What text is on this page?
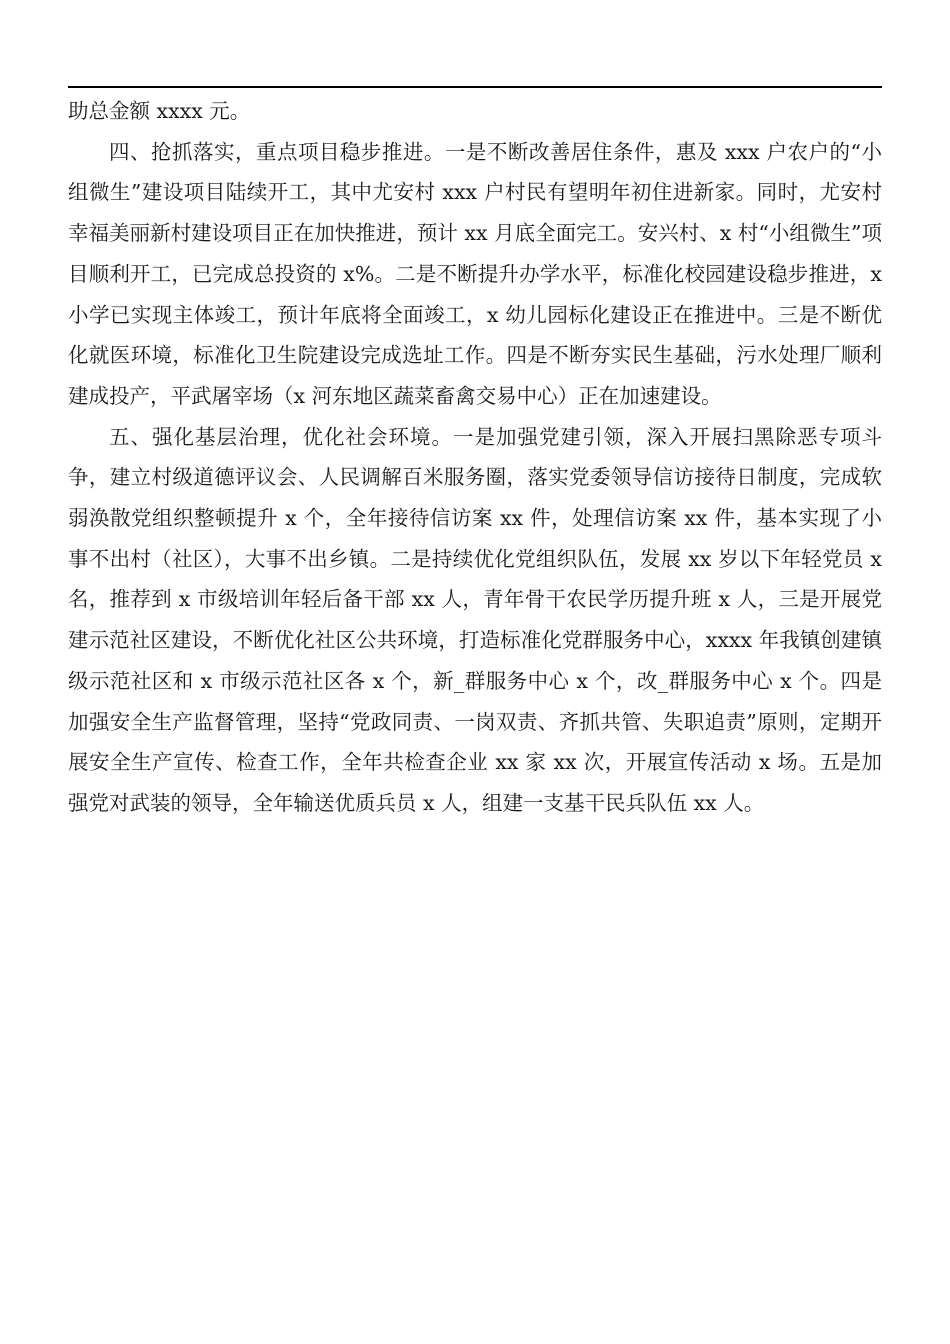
助总金额 xxxx 元。

四、抢抓落实，重点项目稳步推进。一是不断改善居住条件，惠及 xxx 户农户的“小组微生”建设项目陆续开工，其中尤安村 xxx 户村民有望明年初住进新家。同时，尤安村幸福美丽新村建设项目正在加快推进，预计 xx 月底全面完工。安兴村、x 村“小组微生”项目顺利开工，已完成总投资的 x%。二是不断提升办学水平，标准化校园建设稳步推进，x 小学已实现主体竣工，预计年底将全面竣工，x 幼儿园标化建设正在推进中。三是不断优化就医环境，标准化卫生院建设完成选址工作。四是不断夯实民生基础，污水处理厂顺利建成投产，平武屠宰场（x 河东地区蔬菜畜禽交易中心）正在加速建设。

五、强化基层治理，优化社会环境。一是加强党建引领，深入开展扫黑除恶专项斗争，建立村级道德评议会、人民调解百米服务圈，落实党委领导信访接待日制度，完成软弱涣散党组织整顿提升 x 个，全年接待信访案 xx 件，处理信访案 xx 件，基本实现了小事不出村（社区），大事不出乡镇。二是持续优化党组织队伍，发展 xx 岁以下年轻党员 x 名，推荐到 x 市级培训年轻后备干部 xx 人，青年骨干农民学历提升班 x 人，三是开展党建示范社区建设，不断优化社区公共环境，打造标准化党群服务中心，xxxx 年我镇创建镇级示范社区和 x 市级示范社区各 x 个，新_群服务中心 x 个，改_群服务中心 x 个。四是加强安全生产监督管理，坚持“党政同责、一岗双责、齐抓共管、失职追责”原则，定期开展安全生产宣传、检查工作，全年共检查企业 xx 家 xx 次，开展宣传活动 x 场。五是加强党对武装的领导，全年输送优质兵员 x 人，组建一支基干民兵队伍 xx 人。
